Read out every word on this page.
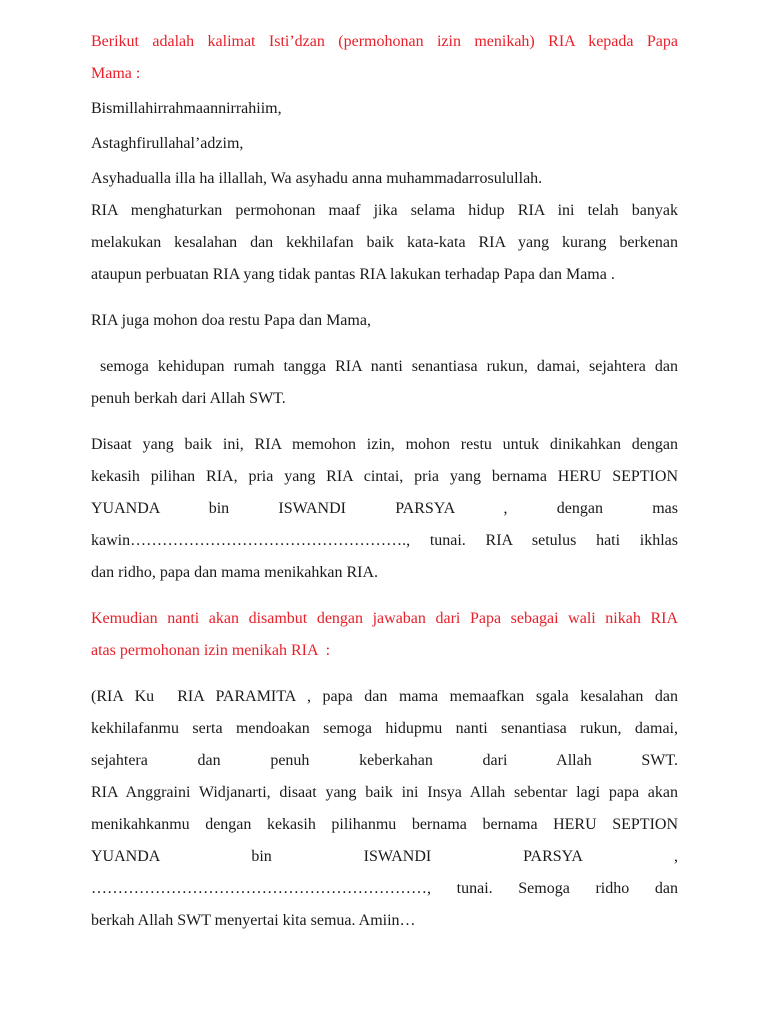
Berikut adalah kalimat Isti’dzan (permohonan izin menikah) RIA kepada Papa
Mama :
Bismillahirrahmaannirrahiim,
Astaghfirullahal’adzim,
Asyhadualla illa ha illallah, Wa asyhadu anna muhammadarrosulullah.
RIA menghaturkan permohonan maaf jika selama hidup RIA ini telah banyak
melakukan kesalahan dan kekhilafan baik kata-kata RIA yang kurang berkenan
ataupun perbuatan RIA yang tidak pantas RIA lakukan terhadap Papa dan Mama .
RIA juga mohon doa restu Papa dan Mama,
semoga kehidupan rumah tangga RIA nanti senantiasa rukun, damai, sejahtera dan
penuh berkah dari Allah SWT.
Disaat yang baik ini, RIA memohon izin, mohon restu untuk dinikahkan dengan
kekasih pilihan RIA, pria yang RIA cintai, pria yang bernama HERU SEPTION
YUANDA bin ISWANDI PARSYA , dengan mas
kawin……………………………………………., tunai. RIA setulus hati ikhlas
dan ridho, papa dan mama menikahkan RIA.
Kemudian nanti akan disambut dengan jawaban dari Papa sebagai wali nikah RIA
atas permohonan izin menikah RIA  :
(RIA Ku  RIA PARAMITA , papa dan mama memaafkan sgala kesalahan dan
kekhilafanmu serta mendoakan semoga hidupmu nanti senantiasa rukun, damai,
sejahtera dan penuh keberkahan dari Allah SWT.
RIA Anggraini Widjanarti, disaat yang baik ini Insya Allah sebentar lagi papa akan
menikahkanmu dengan kekasih pilihanmu bernama bernama HERU SEPTION
YUANDA bin ISWANDI PARSYA ,
………………………………………………………, tunai. Semoga ridho dan
berkah Allah SWT menyertai kita semua. Amiin…
